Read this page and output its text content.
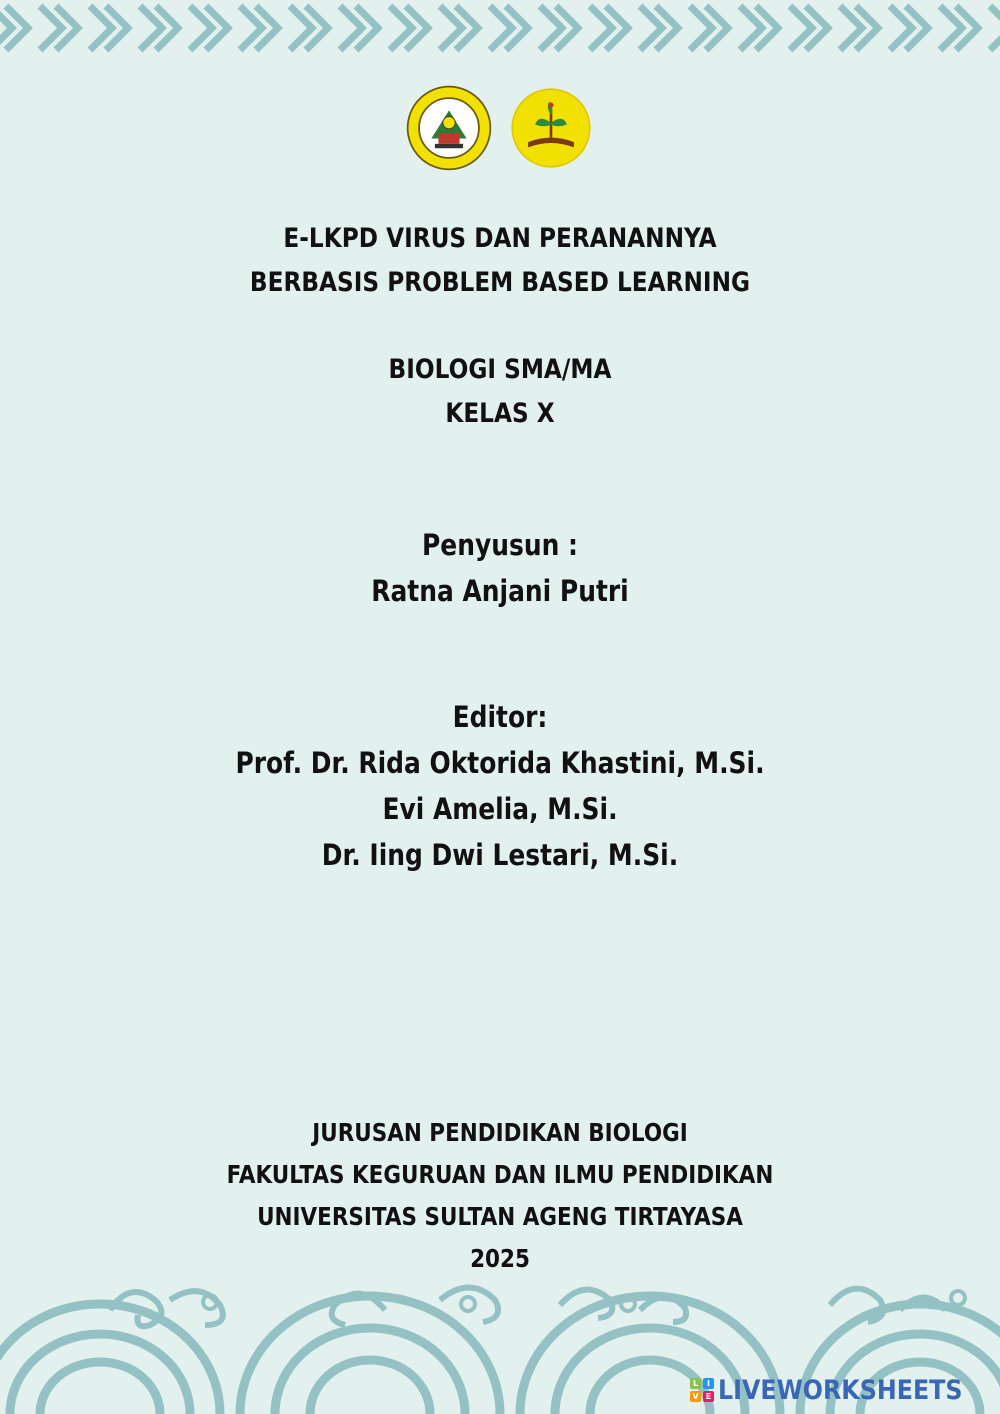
E-LKPD VIRUS DAN PERANANNYA
BERBASIS PROBLEM BASED LEARNING
BIOLOGI SMA/MA
KELAS X
Penyusun :
Ratna Anjani Putri
Editor:
Prof. Dr. Rida Oktorida Khastini, M.Si.
Evi Amelia, M.Si.
Dr. Iing Dwi Lestari, M.Si.
JURUSAN PENDIDIKAN BIOLOGI
FAKULTAS KEGURUAN DAN ILMU PENDIDIKAN
UNIVERSITAS SULTAN AGENG TIRTAYASA
2025
L	I
V E LIVEWORKSHEETS
